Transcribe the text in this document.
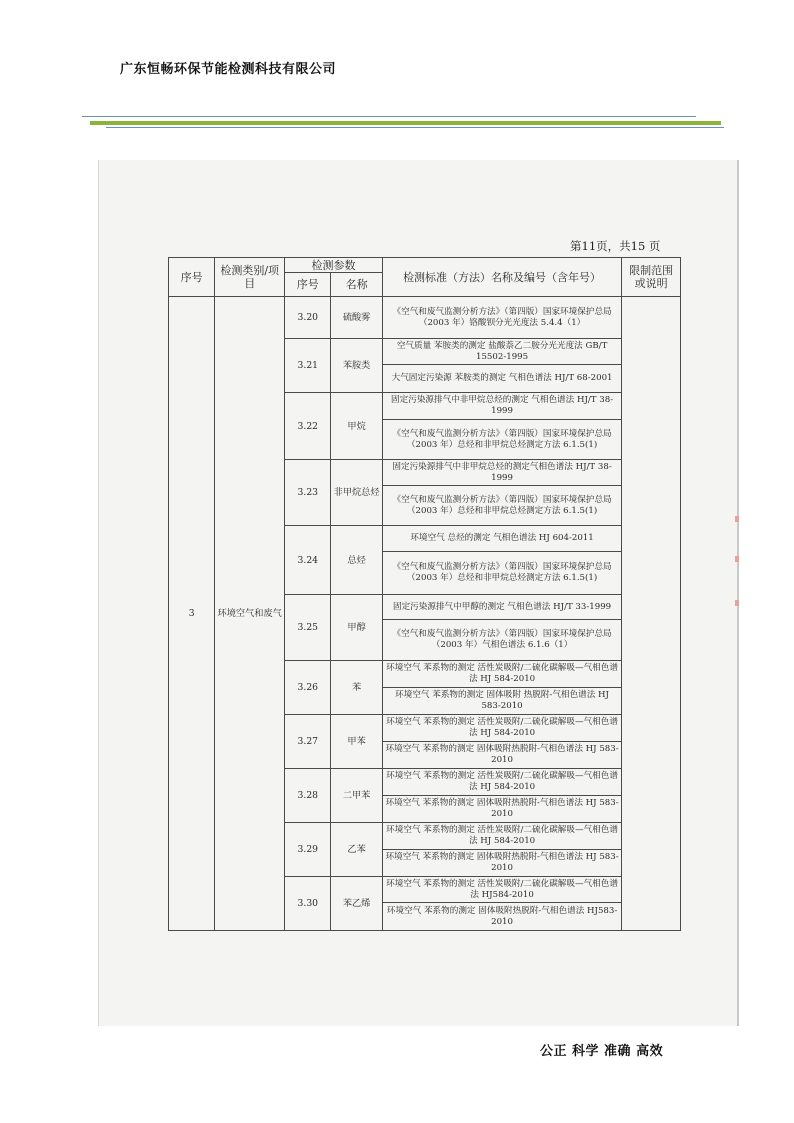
广东恒畅环保节能检测科技有限公司
第11页，共15 页
序号	检测类别/项目	检测参数		检测标准（方法）名称及编号（含年号）	限制范围或说明
		序号	名称		
3	环境空气和废气	3.20	硫酸雾	《空气和废气监测分析方法》（第四版）国家环境保护总局 （2003 年）铬酸钡分光光度法 5.4.4（1）	
		3.21	苯胺类	空气质量 苯胺类的测定 盐酸萘乙二胺分光光度法 GB/T 15502-1995	
				大气固定污染源 苯胺类的测定 气相色谱法 HJ/T 68-2001	
		3.22	甲烷	固定污染源排气中非甲烷总烃的测定 气相色谱法 HJ/T 38-1999	
				《空气和废气监测分析方法》（第四版）国家环境保护总局 （2003 年）总烃和非甲烷总烃测定方法 6.1.5(1)	
		3.23	非甲烷总烃	固定污染源排气中非甲烷总烃的测定气相色谱法 HJ/T 38-1999	
				《空气和废气监测分析方法》（第四版）国家环境保护总局 （2003 年）总烃和非甲烷总烃测定方法 6.1.5(1)	
		3.24	总烃	环境空气 总烃的测定 气相色谱法 HJ 604-2011	
				《空气和废气监测分析方法》（第四版）国家环境保护总局 （2003 年）总烃和非甲烷总烃测定方法 6.1.5(1)	
		3.25	甲醇	固定污染源排气中甲醇的测定 气相色谱法 HJ/T 33-1999	
				《空气和废气监测分析方法》（第四版）国家环境保护总局 （2003 年）气相色谱法 6.1.6（1）	
		3.26	苯	环境空气 苯系物的测定 活性炭吸附/二硫化碳解吸—气相色谱法 HJ 584-2010	
				环境空气 苯系物的测定 固体吸附 热脱附-气相色谱法 HJ 583-2010	
		3.27	甲苯	环境空气 苯系物的测定 活性炭吸附/二硫化碳解吸—气相色谱法 HJ 584-2010	
				环境空气 苯系物的测定 固体吸附热脱附-气相色谱法 HJ 583-2010	
		3.28	二甲苯	环境空气 苯系物的测定 活性炭吸附/二硫化碳解吸—气相色谱法 HJ 584-2010	
				环境空气 苯系物的测定 固体吸附热脱附-气相色谱法 HJ 583-2010	
		3.29	乙苯	环境空气 苯系物的测定 活性炭吸附/二硫化碳解吸—气相色谱法 HJ 584-2010	
				环境空气 苯系物的测定 固体吸附热脱附-气相色谱法 HJ 583-2010	
		3.30	苯乙烯	环境空气 苯系物的测定 活性炭吸附/二硫化碳解吸—气相色谱法 HJ584-2010	
				环境空气 苯系物的测定 固体吸附热脱附-气相色谱法 HJ583-2010	
公正 科学 准确 高效
